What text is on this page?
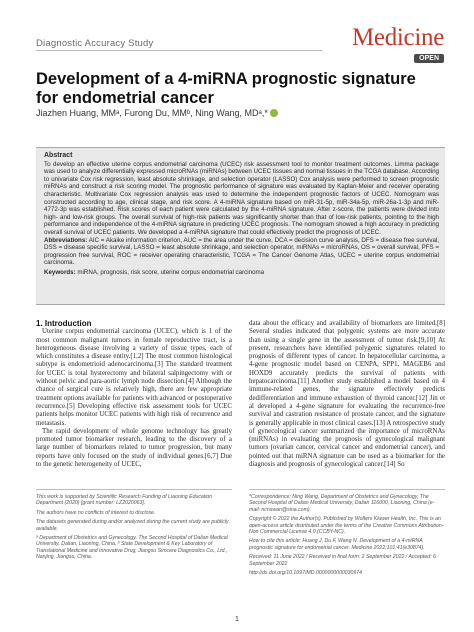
Diagnostic Accuracy Study	Medicine
OPEN
Development of a 4-miRNA prognostic signature for endometrial cancer
Jiazhen Huang, MMᵃ, Furong Du, MMᵇ, Ning Wang, MDᵃ,*

Abstract

To develop an effective uterine corpus endometrial carcinoma (UCEC) risk assessment tool to monitor treatment outcomes. Limma package was used to analyze differentially expressed microRNAs (miRNAs) between UCEC tissues and normal tissues in the TCGA database. According to univariate Cox risk regression, least absolute shrinkage, and selection operator (LASSO) Cox analysis were performed to screen prognostic miRNAs and construct a risk scoring model. The prognostic performance of signature was evaluated by Kaplan-Meier and receiver operating characteristic. Multivariate Cox regression analysis was used to determine the independent prognostic factors of UCEC. Nomogram was constructed according to age, clinical stage, and risk score. A 4-miRNA signature based on miR-31-5p, miR-34a-5p, miR-26a-1-3p and miR-4772-3p was established. Risk scores of each patient were calculated by the 4-miRNA signature. After z-score, the patients were divided into high- and low-risk groups. The overall survival of high-risk patients was significantly shorter than that of low-risk patients, pointing to the high performance and independence of the 4-miRNA signature in predicting UCEC prognosis. The nomogram showed a high accuracy in predicting overall survival of UCEC patients. We developed a 4-miRNA signature that could effectively predict the prognosis of UCEC.

Abbreviations: AIC = Akaike information criterion, AUC = the area under the curve, DCA = decision curve analysis, DFS = disease free survival, DSS = disease specific survival, LASSO = least absolute shrinkage, and selection operator, miRNAs = microRNAs, OS = overall survival, PFS = progression free survival, ROC = receiver operating characteristic, TCGA = The Cancer Genome Atlas, UCEC = uterine corpus endometrial carcinoma.

Keywords: miRNA, prognosis, risk score, uterine corpus endometrial carcinoma

1. Introduction

Uterine corpus endometrial carcinoma (UCEC), which is 1 of the most common malignant tumors in female reproductive tract, is a heterogeneous disease involving a variety of tissue types, each of which constitutes a disease entity.[1,2] The most common histological subtype is endometrioid adenocarcinoma.[3] The standard treatment for UCEC is total hysterectomy and bilateral salpingectomy with or without pelvic and para-aortic lymph node dissection.[4] Although the chance of surgical cure is relatively high, there are few appropriate treatment options available for patients with advanced or postoperative recurrence.[5] Developing effective risk assessment tools for UCEC patients helps monitor UCEC patients with high risk of recurrence and metastasis.

The rapid development of whole genome technology has greatly promoted tumor biomarker research, leading to the discovery of a large number of biomarkers related to tumor progression, but many reports have only focused on the study of individual genes.[6,7] Due to the genetic heterogeneity of UCEC,

data about the efficacy and availability of biomarkers are limited.[8] Several studies indicated that polygenic systems are more accurate than using a single gene in the assessment of tumor risk.[9,10] At present, researchers have identified polygenic signatures related to prognosis of different types of cancer. In hepatocellular carcinoma, a 4-gene prognostic model based on CENPA, SPP1, MAGEB6 and HOXD9 accurately predicts the survival of patients with hepatocarcinoma.[11] Another study established a model based on 4 immune-related genes, the signature effectively predicts dedifferentiation and immune exhaustion of thyroid cancer.[12] Jin et al developed a 4-gene signature for evaluating the recurrence-free survival and castration resistance of prostate cancer, and the signature is generally applicable in most clinical cases.[13] A retrospective study of gynecological cancer summarized the importance of microRNAs (miRNAs) in evaluating the prognosis of gynecological malignant tumors (ovarian cancer, cervical cancer and endometrial cancer), and pointed out that miRNA signature can be used as a biomarker for the diagnosis and prognosis of gynecological cancer.[14] So

This work is supported by Scientific Research Funding of Liaoning Education Department (2020) [grant number: LZ2020063].

The authors have no conflicts of interest to disclose.

The datasets generated during and/or analyzed during the current study are publicly available.

ᵃ Department of Obstetrics and Gynecology, The Second Hospital of Dalian Medical University, Dalian, Liaoning, China, ᵇ State Development & Key Laboratory of Translational Medicine and Innovative Drug, Jiangsu Simcere Diagnostics Co., Ltd., Nanjing, Jiangsu, China.

*Correspondence: Ning Wang, Department of Obstetrics and Gynecology, The Second Hospital of Dalian Medical University, Dalian 116000, Liaoning, China (e-mail: ncnswan@sina.com).

Copyright © 2022 the Author(s). Published by Wolters Kluwer Health, Inc. This is an open-access article distributed under the terms of the Creative Commons Attribution-Non Commercial License 4.0 (CCBY-NC).

How to cite this article: Huang J, Du F, Wang N. Development of a 4-miRNA prognostic signature for endometrial cancer. Medicine 2022;101:41(e30874).

Received: 11 June 2022 / Received in final form: 2 September 2022 / Accepted: 6 September 2022

http://dx.doi.org/10.1097/MD.0000000000030974

1
